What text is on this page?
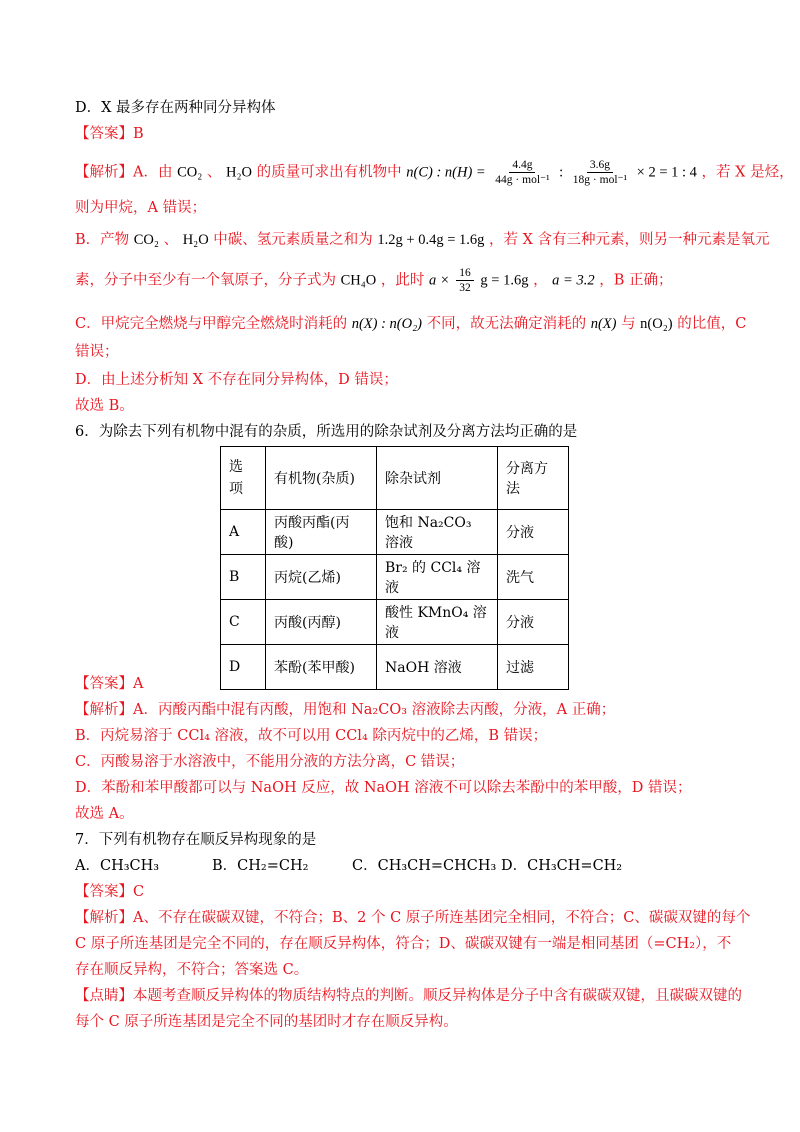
D．X 最多存在两种同分异构体
【答案】B
【解析】A．由 CO₂ 、 H₂O 的质量可求出有机物中 n(C) : $n(H) = \frac{4.4g}{\text{44g · mol⁻¹}}$ : $\frac{3.6g}{\text{18g · mol⁻¹}} \times 2 = 1$ : 4 ，若 X 是烃，
则为甲烷，A 错误；
B．产物 CO₂ 、 H₂O 中碳、氢元素质量之和为 1.2g + 0.4g = 1.6g ，若 X 含有三种元素，则另一种元素是氧元
素，分子中至少有一个氧原子，分子式为 CH₄O ，此时 $a \times \frac{16}{32}$ g = 1.6g ， a = 3.2 ，B 正确；
C．甲烷完全燃烧与甲醇完全燃烧时消耗的 n(X) : n(O₂) 不同，故无法确定消耗的 n(X) 与 n(O₂) 的比值，C
错误；
D．由上述分析知 X 不存在同分异构体，D 错误；
故选 B。
6．为除去下列有机物中混有的杂质，所选用的除杂试剂及分离方法均正确的是
选
项	有机物(杂质)	除杂试剂	分离方法
A	丙酸丙酯(丙酸)	饱和 Na₂CO₃ 溶液	分液
B	丙烷(乙烯)	Br₂ 的 CCl₄ 溶液	洗气
C	丙酸(丙醇)	酸性 KMnO₄ 溶液	分液
D	苯酚(苯甲酸)	NaOH 溶液	过滤
【答案】A
【解析】A．丙酸丙酯中混有丙酸，用饱和 Na₂CO₃ 溶液除去丙酸，分液，A 正确；
B．丙烷易溶于 CCl₄ 溶液，故不可以用 CCl₄ 除丙烷中的乙烯，B 错误；
C．丙酸易溶于水溶液中，不能用分液的方法分离，C 错误；
D．苯酚和苯甲酸都可以与 NaOH 反应，故 NaOH 溶液不可以除去苯酚中的苯甲酸，D 错误；
故选 A。
7．下列有机物存在顺反异构现象的是
A．CH₃CH₃	B．CH₂=CH₂	C．CH₃CH=CHCH₃ D．CH₃CH=CH₂
【答案】C
【解析】A、不存在碳碳双键，不符合；B、2 个 C 原子所连基团完全相同，不符合；C、碳碳双键的每个
C 原子所连基团是完全不同的，存在顺反异构体，符合；D、碳碳双键有一端是相同基团（=CH₂），不
存在顺反异构，不符合；答案选 C。
【点睛】本题考查顺反异构体的物质结构特点的判断。顺反异构体是分子中含有碳碳双键，且碳碳双键的
每个 C 原子所连基团是完全不同的基团时才存在顺反异构。
